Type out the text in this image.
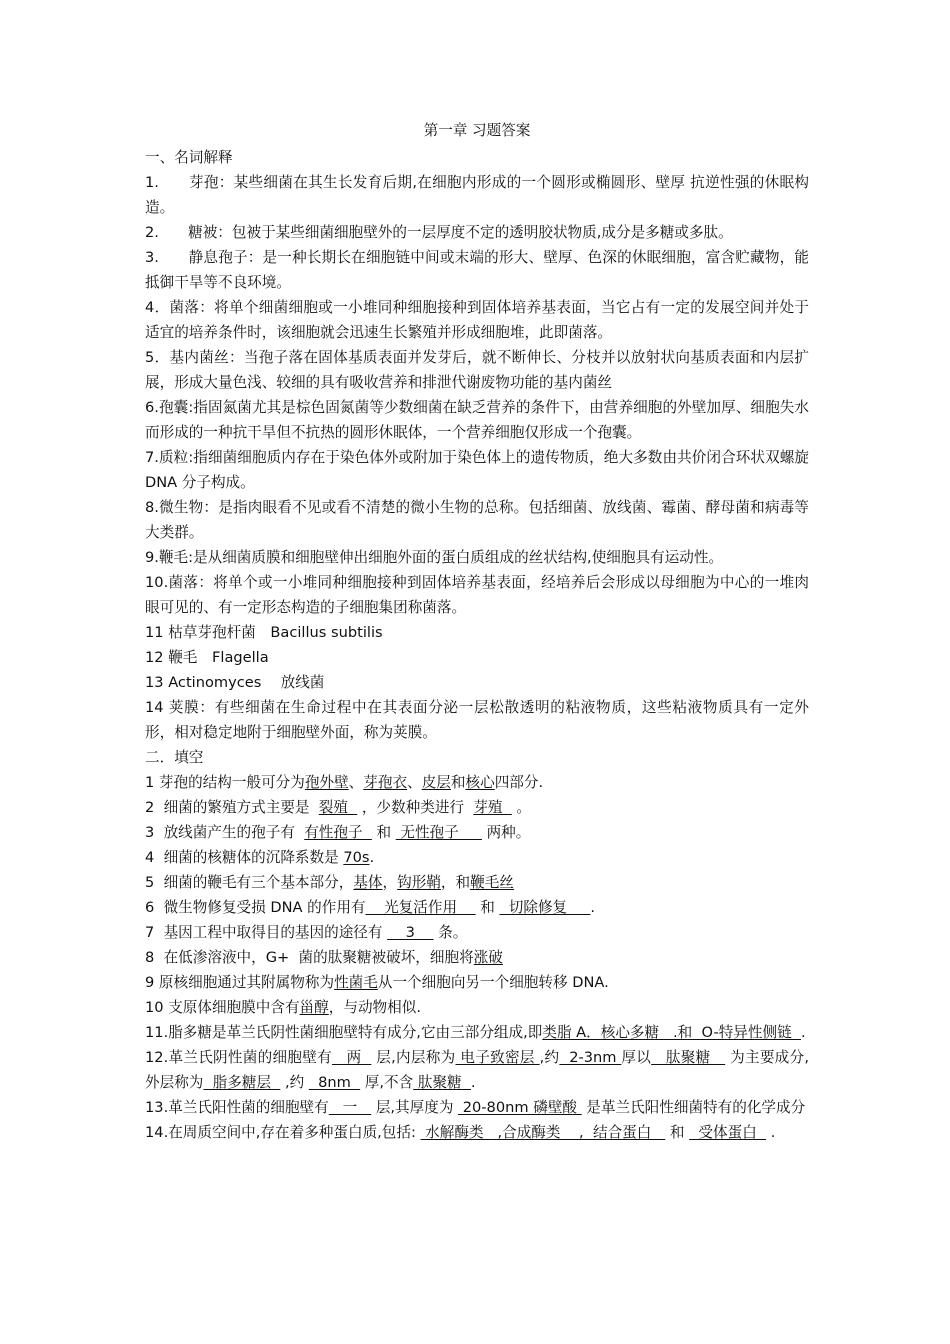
第一章 习题答案

一、名词解释

1.　　芽孢：某些细菌在其生长发育后期,在细胞内形成的一个圆形或椭圆形、壁厚 抗逆性强的休眠构造。

2.　　糖被：包被于某些细菌细胞壁外的一层厚度不定的透明胶状物质,成分是多糖或多肽。

3.　　静息孢子：是一种长期长在细胞链中间或末端的形大、壁厚、色深的休眠细胞，富含贮藏物，能抵御干旱等不良环境。

4．菌落：将单个细菌细胞或一小堆同种细胞接种到固体培养基表面，当它占有一定的发展空间并处于适宜的培养条件时，该细胞就会迅速生长繁殖并形成细胞堆，此即菌落。

5．基内菌丝：当孢子落在固体基质表面并发芽后，就不断伸长、分枝并以放射状向基质表面和内层扩展，形成大量色浅、较细的具有吸收营养和排泄代谢废物功能的基内菌丝

6.孢囊:指固氮菌尤其是棕色固氮菌等少数细菌在缺乏营养的条件下，由营养细胞的外壁加厚、细胞失水而形成的一种抗干旱但不抗热的圆形休眠体，一个营养细胞仅形成一个孢囊。

7.质粒:指细菌细胞质内存在于染色体外或附加于染色体上的遗传物质，绝大多数由共价闭合环状双螺旋 DNA 分子构成。

8.微生物：是指肉眼看不见或看不清楚的微小生物的总称。包括细菌、放线菌、霉菌、酵母菌和病毒等大类群。

9.鞭毛:是从细菌质膜和细胞壁伸出细胞外面的蛋白质组成的丝状结构,使细胞具有运动性。

10.菌落：将单个或一小堆同种细胞接种到固体培养基表面，经培养后会形成以母细胞为中心的一堆肉眼可见的、有一定形态构造的子细胞集团称菌落。

11 枯草芽孢杆菌　Bacillus subtilis

12 鞭毛　Flagella

13 Actinomyces　 放线菌

14 荚膜：有些细菌在生命过程中在其表面分泌一层松散透明的粘液物质，这些粘液物质具有一定外形，相对稳定地附于细胞壁外面，称为荚膜。

二．填空

1 芽孢的结构一般可分为孢外壁、芽孢衣、皮层和核心四部分.

2  细菌的繁殖方式主要是  裂殖   ，少数种类进行  芽殖   。

3  放线菌产生的孢子有  有性孢子   和  无性孢子      两种。

4  细菌的核糖体的沉降系数是 70s.

5  细菌的鞭毛有三个基本部分，基体，钩形鞘，和鞭毛丝

6  微生物修复受损 DNA 的作用有    光复活作用     和   切除修复     .

7  基因工程中取得目的基因的途径有     3     条。

8  在低渗溶液中，G+  菌的肽聚糖被破坏，细胞将涨破

9 原核细胞通过其附属物称为性菌毛从一个细胞向另一个细胞转移 DNA.

10 支原体细胞膜中含有甾醇，与动物相似.

11.脂多糖是革兰氏阴性菌细胞壁特有成分,它由三部分组成,即类脂 A．核心多糖   .和  O-特异性侧链  .

12.革兰氏阴性菌的细胞壁有   两   层,内层称为 电子致密层 ,约  2-3nm 厚以   肽聚糖    为主要成分,外层称为  脂多糖层   ,约   8nm   厚,不含 肽聚糖  .

13.革兰氏阳性菌的细胞壁有   一    层,其厚度为  20-80nm 磷壁酸  是革兰氏阳性细菌特有的化学成分

14.在周质空间中,存在着多种蛋白质,包括:  水解酶类   ,合成酶类    ,  结合蛋白    和   受体蛋白   .
